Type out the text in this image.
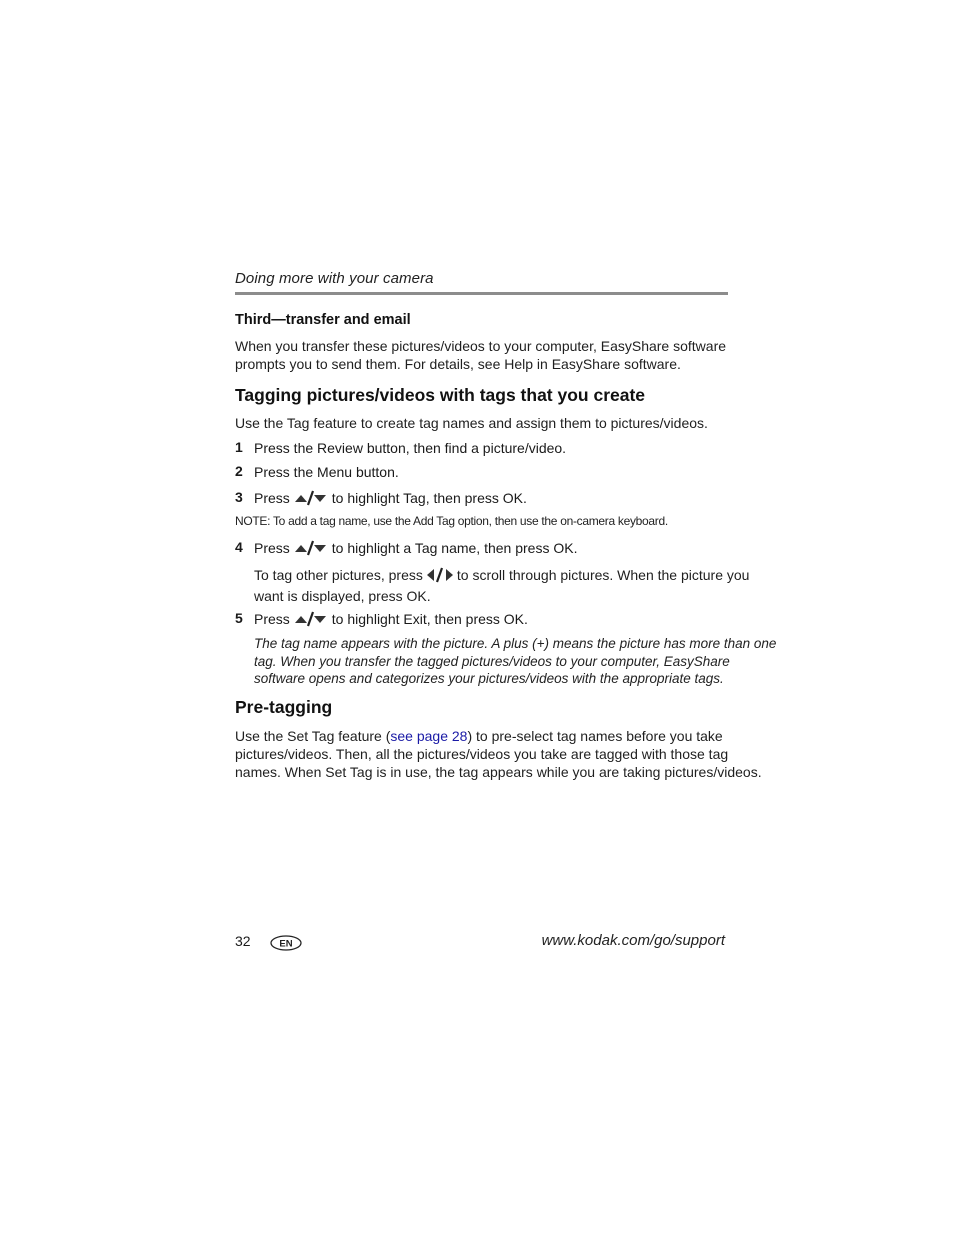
Doing more with your camera
Third—transfer and email
When you transfer these pictures/videos to your computer, EasyShare software
prompts you to send them. For details, see Help in EasyShare software.
Tagging pictures/videos with tags that you create
Use the Tag feature to create tag names and assign them to pictures/videos.
1 Press the Review button, then find a picture/video.
2 Press the Menu button.
3 Press	to highlight Tag, then press OK.
NOTE: To add a tag name, use the Add Tag option, then use the on-camera keyboard.
4 Press	to highlight a Tag name, then press OK.
To tag other pictures, press to scroll through pictures. When the picture you
want is displayed, press OK.
5 Press	to highlight Exit, then press OK.
The tag name appears with the picture. A plus (+) means the picture has more than one
tag. When you transfer the tagged pictures/videos to your computer, EasyShare
software opens and categorizes your pictures/videos with the appropriate tags.
Pre-tagging
Use the Set Tag feature (see page 28) to pre-select tag names before you take
pictures/videos. Then, all the pictures/videos you take are tagged with those tag
names. When Set Tag is in use, the tag appears while you are taking pictures/videos.
32	EN	www.kodak.com/go/support
